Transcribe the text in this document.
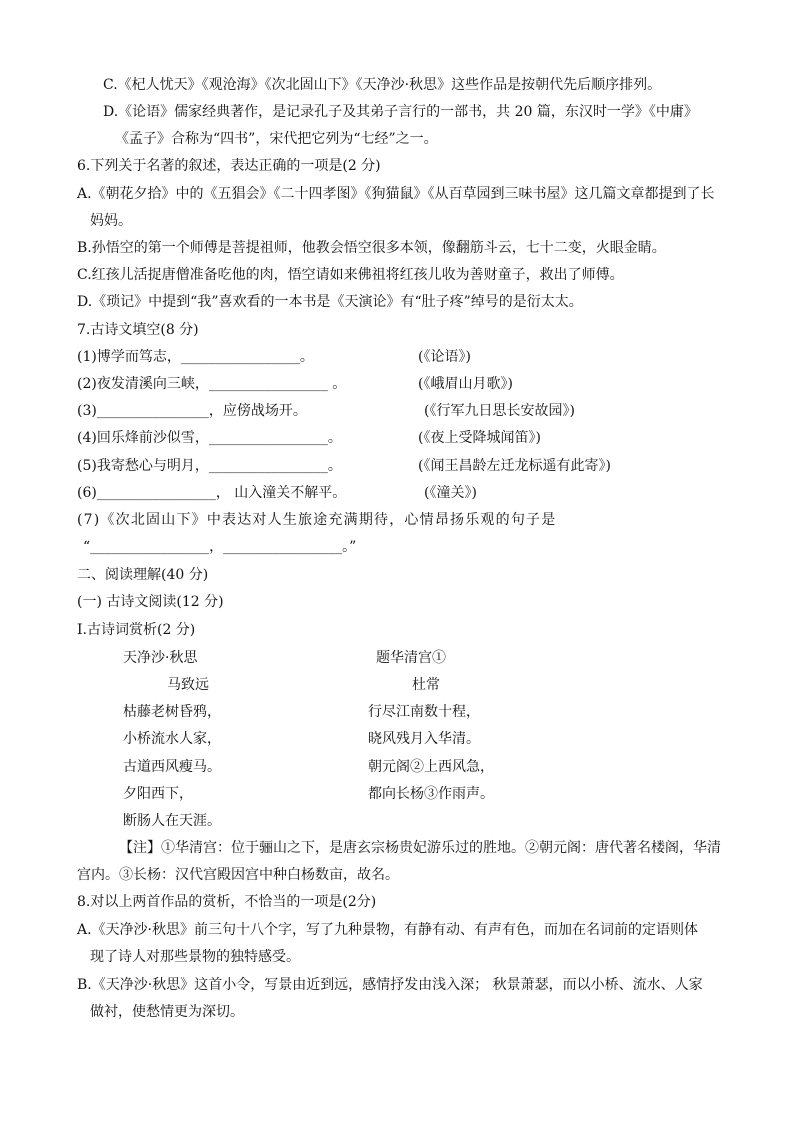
C.《杞人忧天》《观沧海》《次北固山下》《天净沙·秋思》这些作品是按朝代先后顺序排列。
D.《论语》儒家经典著作，是记录孔子及其弟子言行的一部书，共 20 篇，东汉时一学》《中庸》
《孟子》合称为“四书”，宋代把它列为“七经”之一。
6.下列关于名著的叙述，表达正确的一项是(2 分)
A.《朝花夕拾》中的《五猖会》《二十四孝图》《狗猫鼠》《从百草园到三味书屋》这几篇文章都提到了长
妈妈。
B.孙悟空的第一个师傅是菩提祖师，他教会悟空很多本领，像翻筋斗云，七十二变，火眼金睛。
C.红孩儿活捉唐僧准备吃他的肉，悟空请如来佛祖将红孩儿收为善财童子，救出了师傅。
D.《琐记》中提到“我”喜欢看的一本书是《天演论》有“肚子疼”绰号的是衍太太。
7.古诗文填空(8 分)
(1)博学而笃志，_________________。	(《论语》)
(2)夜发清溪向三峡，_________________ 。	(《峨眉山月歌》)
(3)________________，应傍战场开。	(《行军九日思长安故园》)
(4)回乐烽前沙似雪，_________________。	(《夜上受降城闻笛》)
(5)我寄愁心与明月，_________________。	(《闻王昌龄左迁龙标遥有此寄》)
(6)_________________， 山入潼关不解平。	(《潼关》)
(7)《次北固山下》中表达对人生旅途充满期待，心情昂扬乐观的句子是
“_________________，_________________。”
二、阅读理解(40 分)
(一) 古诗文阅读(12 分)
Ⅰ.古诗词赏析(2 分)
天净沙·秋思
马致远
枯藤老树昏鸦，
小桥流水人家，
古道西风瘦马。
夕阳西下，
断肠人在天涯。
题华清宫①
杜常
行尽江南数十程，
晓风残月入华清。
朝元阁②上西风急，
都向长杨③作雨声。
【注】①华清宫：位于骊山之下，是唐玄宗杨贵妃游乐过的胜地。②朝元阁：唐代著名楼阁，华清
宫内。③长杨：汉代宫殿因宫中种白杨数亩，故名。
8.对以上两首作品的赏析，不恰当的一项是(2分)
A.《天净沙·秋思》前三句十八个字，写了九种景物，有静有动、有声有色，而加在名词前的定语则体
现了诗人对那些景物的独特感受。
B.《天净沙·秋思》这首小令，写景由近到远，感情抒发由浅入深； 秋景萧瑟，而以小桥、流水、人家
做衬，使愁情更为深切。
